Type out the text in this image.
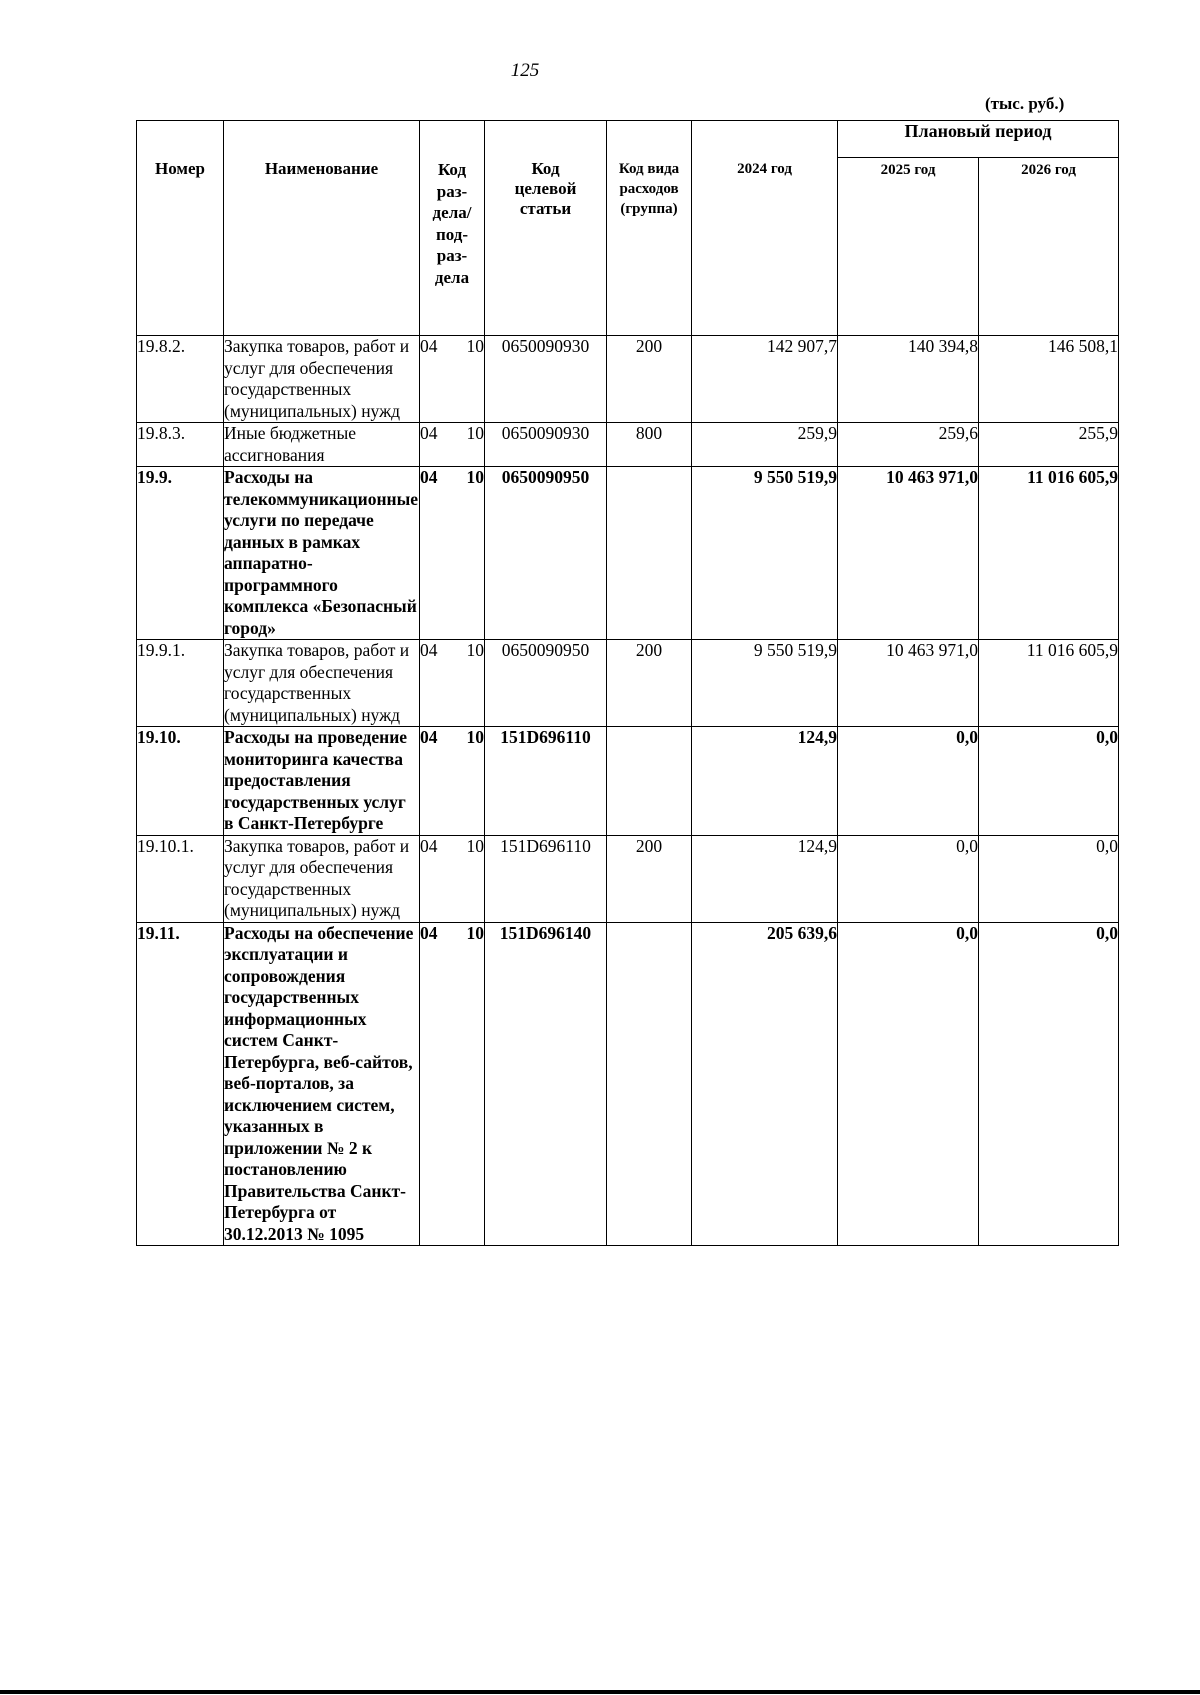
125
(тыс. руб.)
Номер	Наименование	Код раз-дела/ под-раз-дела	Код целевой статьи	Код вида расходов (группа)	2024 год	Плановый период	
						2025 год	2026 год
19.8.2.	Закупка товаров, работ и услуг для обеспечения государственных (муниципальных) нужд	04 10	0650090930	200	142 907,7	140 394,8	146 508,1
19.8.3.	Иные бюджетные ассигнования	04 10	0650090930	800	259,9	259,6	255,9
19.9.	Расходы на телекоммуникационные услуги по передаче данных в рамках аппаратно-программного комплекса «Безопасный город»	04 10	0650090950		9 550 519,9	10 463 971,0	11 016 605,9
19.9.1.	Закупка товаров, работ и услуг для обеспечения государственных (муниципальных) нужд	04 10	0650090950	200	9 550 519,9	10 463 971,0	11 016 605,9
19.10.	Расходы на проведение мониторинга качества предоставления государственных услуг в Санкт-Петербурге	04 10	151D696110		124,9	0,0	0,0
19.10.1.	Закупка товаров, работ и услуг для обеспечения государственных (муниципальных) нужд	04 10	151D696110	200	124,9	0,0	0,0
19.11.	Расходы на обеспечение эксплуатации и сопровождения государственных информационных систем Санкт-Петербурга, веб-сайтов, веб-порталов, за исключением систем, указанных в приложении № 2 к постановлению Правительства Санкт-Петербурга от 30.12.2013 № 1095	04 10	151D696140		205 639,6	0,0	0,0
